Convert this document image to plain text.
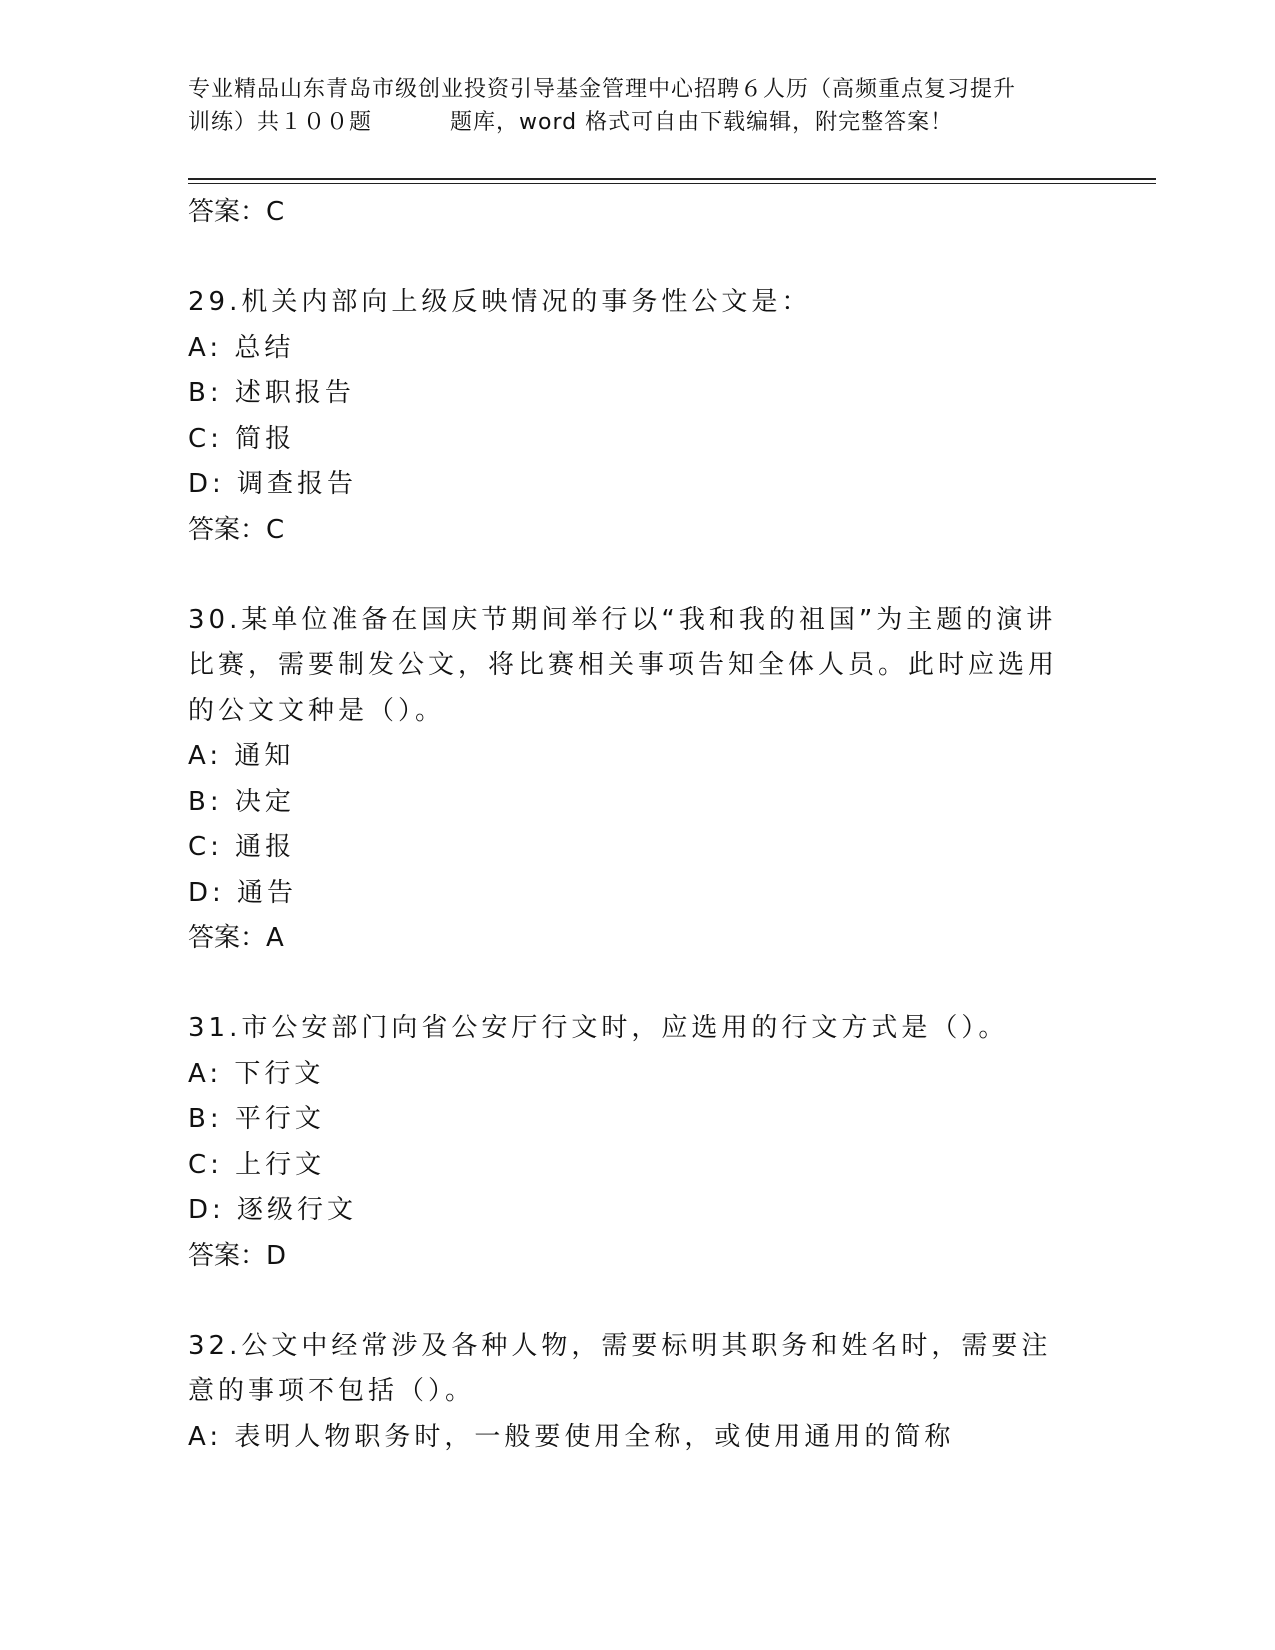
专业精品山东青岛市级创业投资引导基金管理中心招聘６人历（高频重点复习提升
训练）共１００题	题库，word 格式可自由下载编辑，附完整答案！
答案：C
29.机关内部向上级反映情况的事务性公文是：
A: 总结
B: 述职报告
C: 简报
D: 调查报告
答案：C
30.某单位准备在国庆节期间举行以“我和我的祖国”为主题的演讲比赛，需要制发公文，将比赛相关事项告知全体人员。此时应选用的公文文种是（）。
A: 通知
B: 决定
C: 通报
D: 通告
答案：A
31.市公安部门向省公安厅行文时，应选用的行文方式是（）。
A: 下行文
B: 平行文
C: 上行文
D: 逐级行文
答案：D
32.公文中经常涉及各种人物，需要标明其职务和姓名时，需要注意的事项不包括（）。
A: 表明人物职务时，一般要使用全称，或使用通用的简称
